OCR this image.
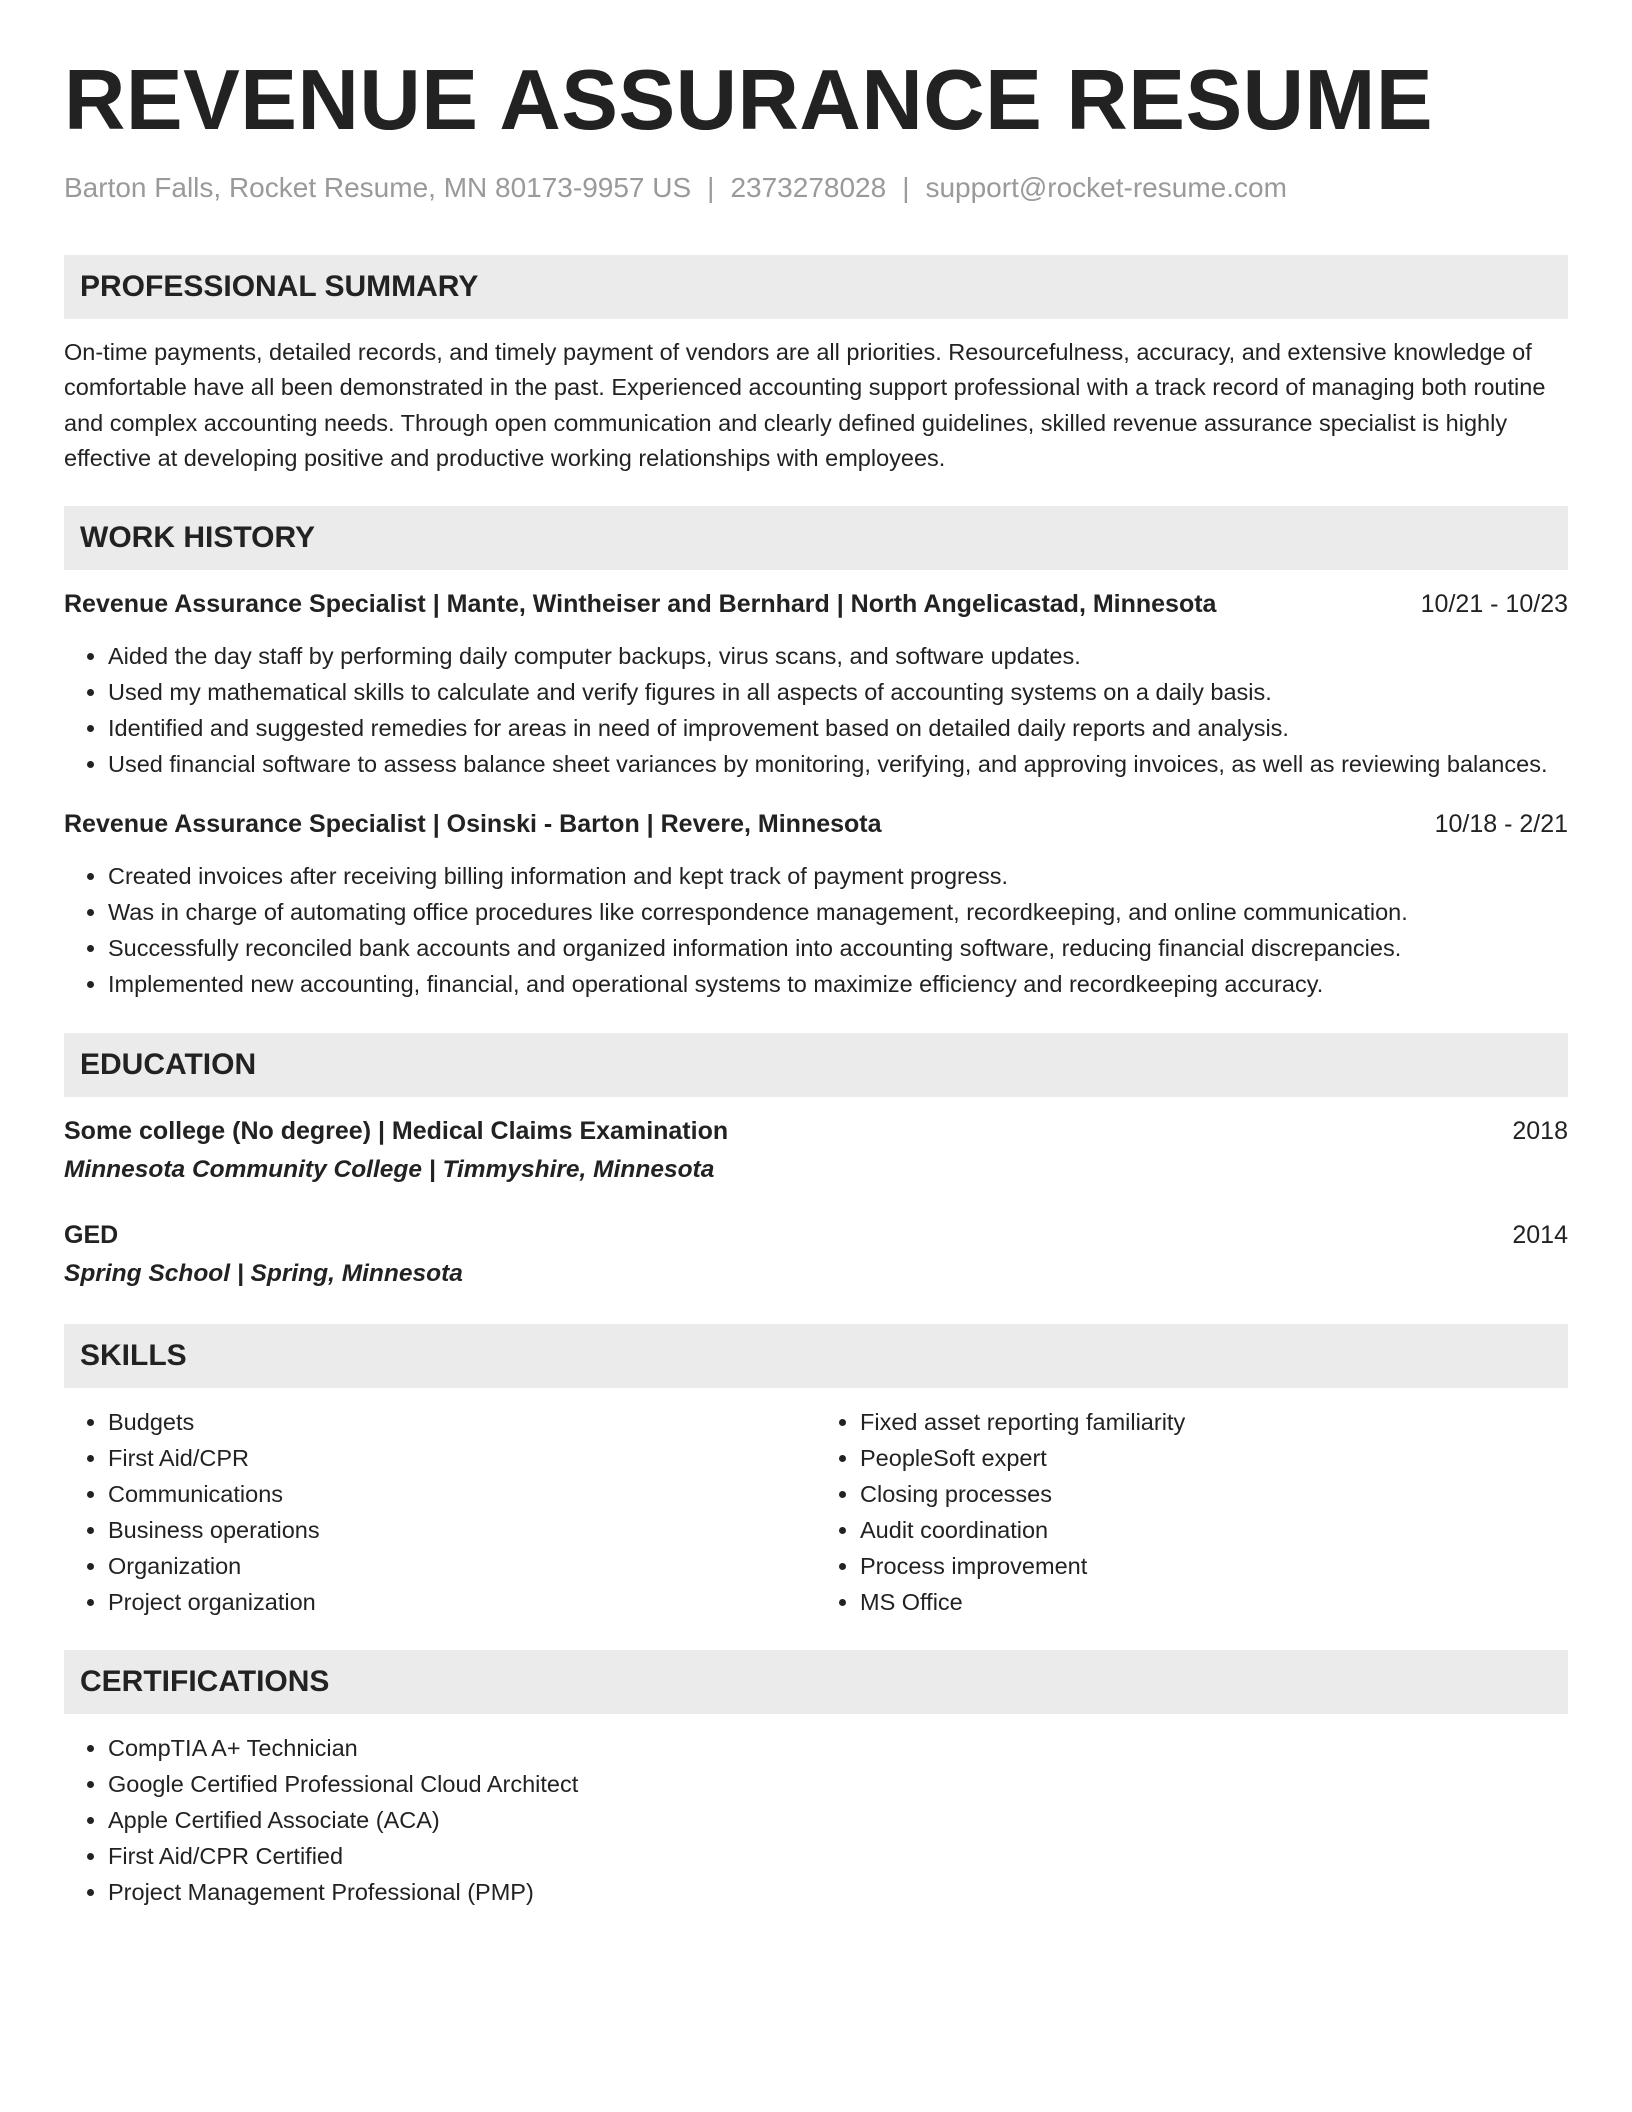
REVENUE ASSURANCE RESUME
Barton Falls, Rocket Resume, MN 80173-9957 US | 2373278028 | support@rocket-resume.com
PROFESSIONAL SUMMARY

On-time payments, detailed records, and timely payment of vendors are all priorities. Resourcefulness, accuracy, and extensive knowledge of comfortable have all been demonstrated in the past. Experienced accounting support professional with a track record of managing both routine and complex accounting needs. Through open communication and clearly defined guidelines, skilled revenue assurance specialist is highly effective at developing positive and productive working relationships with employees.

WORK HISTORY
Revenue Assurance Specialist | Mante, Wintheiser and Bernhard | North Angelicastad, Minnesota	10/21 - 10/23
• Aided the day staff by performing daily computer backups, virus scans, and software updates.
• Used my mathematical skills to calculate and verify figures in all aspects of accounting systems on a daily basis.
• Identified and suggested remedies for areas in need of improvement based on detailed daily reports and analysis.
• Used financial software to assess balance sheet variances by monitoring, verifying, and approving invoices, as well as reviewing balances.
Revenue Assurance Specialist | Osinski - Barton | Revere, Minnesota	10/18 - 2/21
• Created invoices after receiving billing information and kept track of payment progress.
• Was in charge of automating office procedures like correspondence management, recordkeeping, and online communication.
• Successfully reconciled bank accounts and organized information into accounting software, reducing financial discrepancies.
• Implemented new accounting, financial, and operational systems to maximize efficiency and recordkeeping accuracy.
EDUCATION
Some college (No degree) | Medical Claims Examination	2018
Minnesota Community College | Timmyshire, Minnesota
GED	2014
Spring School | Spring, Minnesota
SKILLS
• Budgets
• First Aid/CPR
• Communications
• Business operations
• Organization
• Project organization
• Fixed asset reporting familiarity
• PeopleSoft expert
• Closing processes
• Audit coordination
• Process improvement
• MS Office
CERTIFICATIONS
• CompTIA A+ Technician
• Google Certified Professional Cloud Architect
• Apple Certified Associate (ACA)
• First Aid/CPR Certified
• Project Management Professional (PMP)
